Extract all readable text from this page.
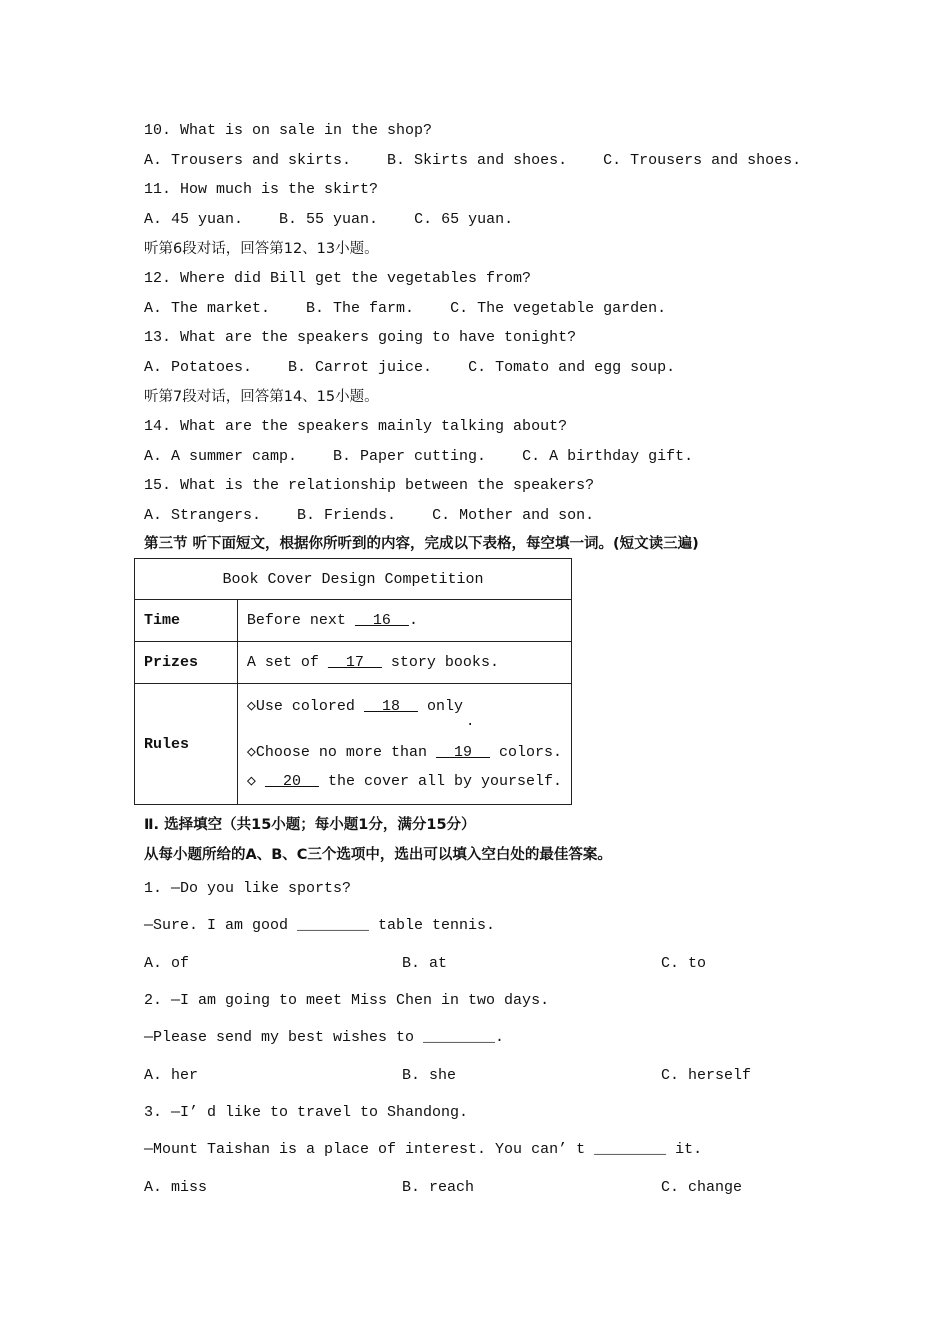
10. What is on sale in the shop?
A. Trousers and skirts. B. Skirts and shoes. C. Trousers and shoes.
11. How much is the skirt?
A. 45 yuan. B. 55 yuan. C. 65 yuan.
听第6段对话，回答第12、13小题。
12. Where did Bill get the vegetables from?
A. The market. B. The farm. C. The vegetable garden.
13. What are the speakers going to have tonight?
A. Potatoes. B. Carrot juice. C. Tomato and egg soup.
听第7段对话，回答第14、15小题。
14. What are the speakers mainly talking about?
A. A summer camp. B. Paper cutting. C. A birthday gift.
15. What is the relationship between the speakers?
A. Strangers. B. Friends. C. Mother and son.
第三节 听下面短文，根据你所听到的内容，完成以下表格，每空填一词。(短文读三遍)
Book Cover Design Competition	
Time	Before next   16  .
Prizes	A set of   17   story books.
Rules	◇Use colored   18   only
◇Choose no more than   19   colors.
◇   20   the cover all by yourself.
·
Ⅱ. 选择填空（共15小题；每小题1分，满分15分）
从每小题所给的A、B、C三个选项中，选出可以填入空白处的最佳答案。
1. —Do you like sports?
—Sure. I am good ________ table tennis.
A. of	B. at	C. to
2. —I am going to meet Miss Chen in two days.
—Please send my best wishes to ________.
A. her	B. she	C. herself
3. —I’ d like to travel to Shandong.
—Mount Taishan is a place of interest. You can’ t ________ it.
A. miss	B. reach	C. change
